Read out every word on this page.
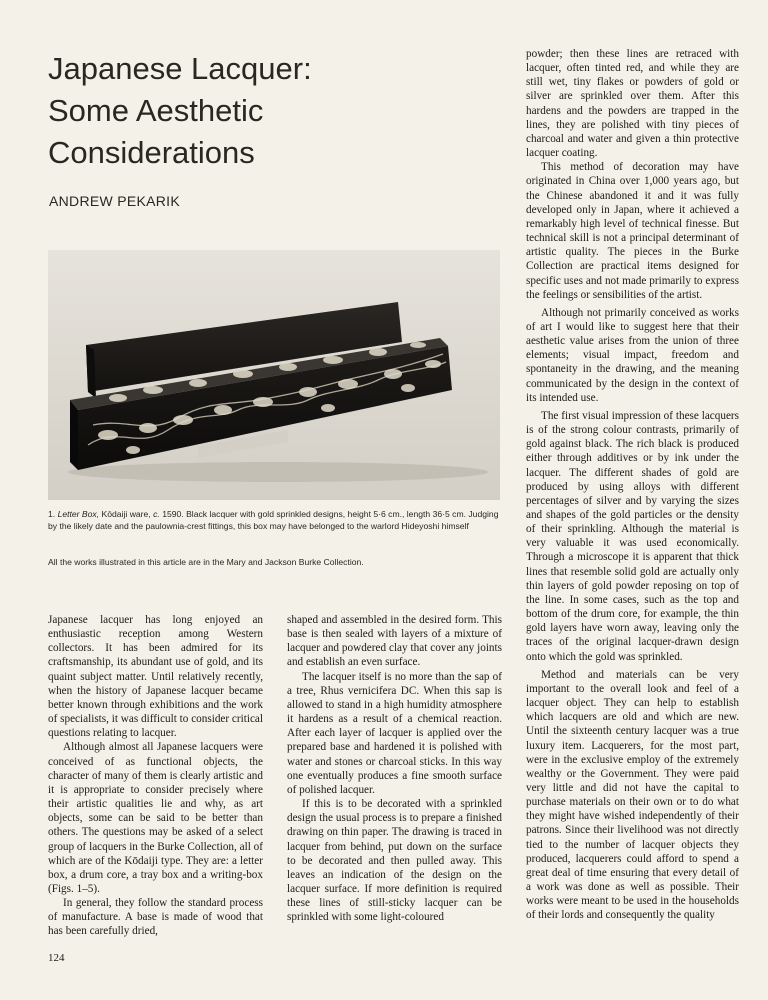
Japanese Lacquer:
Some Aesthetic
Considerations

ANDREW PEKARIK

1. Letter Box, Kōdaiji ware, c. 1590. Black lacquer with gold sprinkled designs, height 5·6 cm., length 36·5 cm. Judging by the likely date and the paulownia-crest fittings, this box may have belonged to the warlord Hideyoshi himself

All the works illustrated in this article are in the Mary and Jackson Burke Collection.

Japanese lacquer has long enjoyed an enthusiastic reception among Western collectors. It has been admired for its craftsmanship, its abundant use of gold, and its quaint subject matter. Until relatively recently, when the history of Japanese lacquer became better known through exhibitions and the work of specialists, it was difficult to consider critical questions relating to lacquer.

Although almost all Japanese lacquers were conceived of as functional objects, the character of many of them is clearly artistic and it is appropriate to consider precisely where their artistic qualities lie and why, as art objects, some can be said to be better than others. The questions may be asked of a select group of lacquers in the Burke Collection, all of which are of the Kōdaiji type. They are: a letter box, a drum core, a tray box and a writing-box (Figs. 1–5).

In general, they follow the standard process of manufacture. A base is made of wood that has been carefully dried,

shaped and assembled in the desired form. This base is then sealed with layers of a mixture of lacquer and powdered clay that cover any joints and establish an even surface.

The lacquer itself is no more than the sap of a tree, Rhus vernicifera DC. When this sap is allowed to stand in a high humidity atmosphere it hardens as a result of a chemical reaction. After each layer of lacquer is applied over the prepared base and hardened it is polished with water and stones or charcoal sticks. In this way one eventually produces a fine smooth surface of polished lacquer.

If this is to be decorated with a sprinkled design the usual process is to prepare a finished drawing on thin paper. The drawing is traced in lacquer from behind, put down on the surface to be decorated and then pulled away. This leaves an indication of the design on the lacquer surface. If more definition is required these lines of still-sticky lacquer can be sprinkled with some light-coloured

powder; then these lines are retraced with lacquer, often tinted red, and while they are still wet, tiny flakes or powders of gold or silver are sprinkled over them. After this hardens and the powders are trapped in the lines, they are polished with tiny pieces of charcoal and water and given a thin protective lacquer coating.

This method of decoration may have originated in China over 1,000 years ago, but the Chinese abandoned it and it was fully developed only in Japan, where it achieved a remarkably high level of technical finesse. But technical skill is not a principal determinant of artistic quality. The pieces in the Burke Collection are practical items designed for specific uses and not made primarily to express the feelings or sensibilities of the artist.

Although not primarily conceived as works of art I would like to suggest here that their aesthetic value arises from the union of three elements; visual impact, freedom and spontaneity in the drawing, and the meaning communicated by the design in the context of its intended use.

The first visual impression of these lacquers is of the strong colour contrasts, primarily of gold against black. The rich black is produced either through additives or by ink under the lacquer. The different shades of gold are produced by using alloys with different percentages of silver and by varying the sizes and shapes of the gold particles or the density of their sprinkling. Although the material is very valuable it was used economically. Through a microscope it is apparent that thick lines that resemble solid gold are actually only thin layers of gold powder reposing on top of the line. In some cases, such as the top and bottom of the drum core, for example, the thin gold layers have worn away, leaving only the traces of the original lacquer-drawn design onto which the gold was sprinkled.

Method and materials can be very important to the overall look and feel of a lacquer object. They can help to establish which lacquers are old and which are new. Until the sixteenth century lacquer was a true luxury item. Lacquerers, for the most part, were in the exclusive employ of the extremely wealthy or the Government. They were paid very little and did not have the capital to purchase materials on their own or to do what they might have wished independently of their patrons. Since their livelihood was not directly tied to the number of lacquer objects they produced, lacquerers could afford to spend a great deal of time ensuring that every detail of a work was done as well as possible. Their works were meant to be used in the households of their lords and consequently the quality

124
